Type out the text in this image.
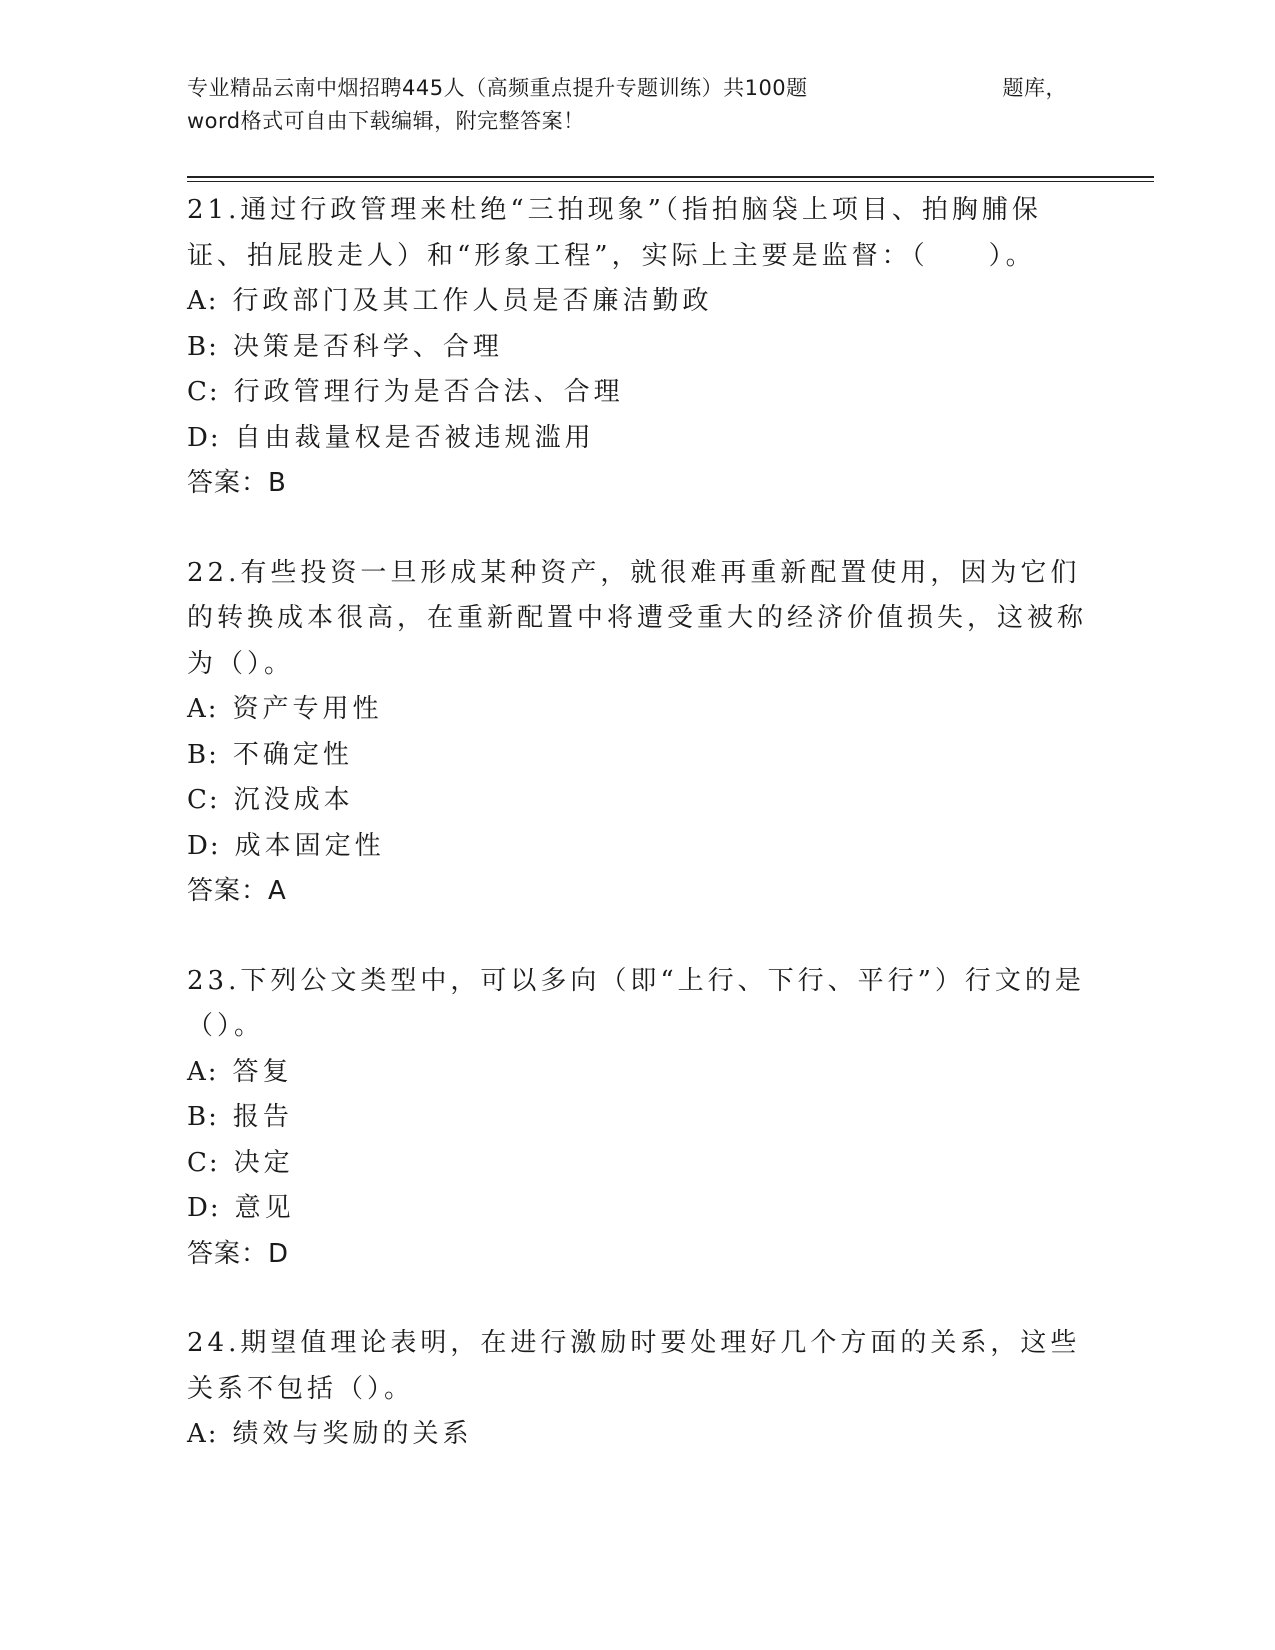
专业精品云南中烟招聘445人（高频重点提升专题训练）共100题	题库，
word格式可自由下载编辑，附完整答案！

21.通过行政管理来杜绝“三拍现象”（指拍脑袋上项目、拍胸脯保证、拍屁股走人）和“形象工程”，实际上主要是监督：（　　）。

A: 行政部门及其工作人员是否廉洁勤政

B: 决策是否科学、合理

C: 行政管理行为是否合法、合理

D: 自由裁量权是否被违规滥用

答案：B

22.有些投资一旦形成某种资产，就很难再重新配置使用，因为它们的转换成本很高，在重新配置中将遭受重大的经济价值损失，这被称为（）。

A: 资产专用性

B: 不确定性

C: 沉没成本

D: 成本固定性

答案：A

23.下列公文类型中，可以多向（即“上行、下行、平行”）行文的是（）。

A: 答复

B: 报告

C: 决定

D: 意见

答案：D

24.期望值理论表明，在进行激励时要处理好几个方面的关系，这些关系不包括（）。

A: 绩效与奖励的关系
